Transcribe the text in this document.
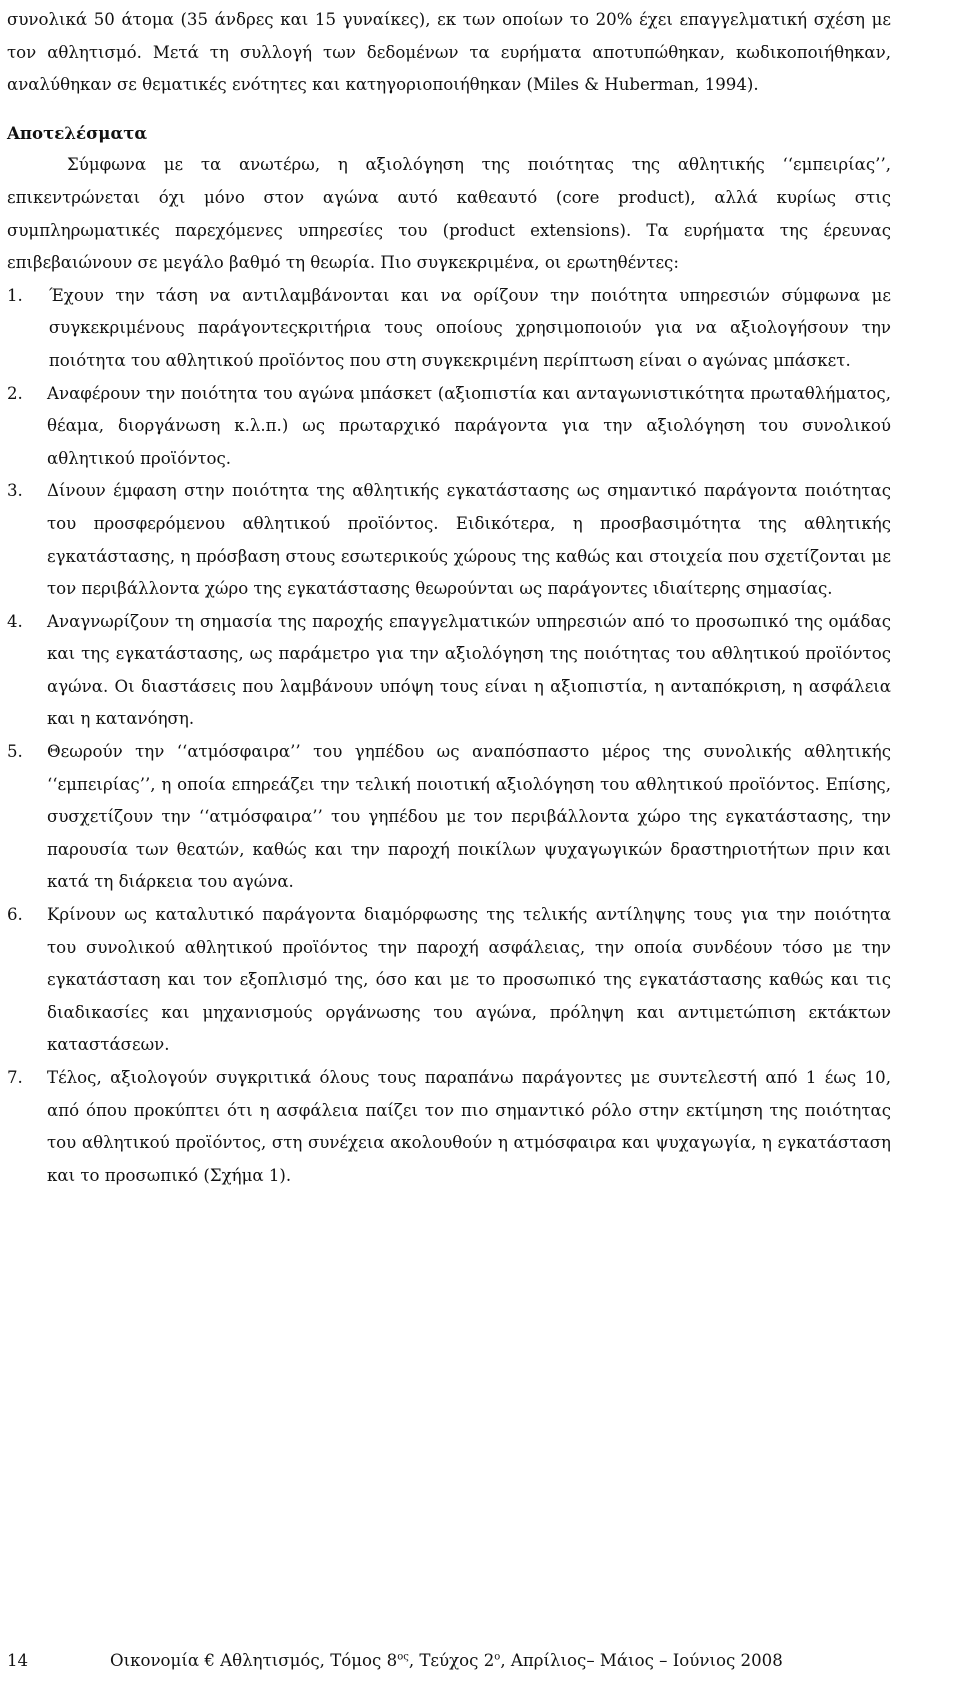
συνολικά 50 άτομα (35 άνδρες και 15 γυναίκες), εκ των οποίων το 20% έχει επαγγελματική σχέση με τον αθλητισμό. Μετά τη συλλογή των δεδομένων τα ευρήματα αποτυπώθηκαν, κωδικοποιήθηκαν, αναλύθηκαν σε θεματικές ενότητες και κατηγοριοποιήθηκαν (Miles & Huberman, 1994).

Αποτελέσματα

Σύμφωνα με τα ανωτέρω, η αξιολόγηση της ποιότητας της αθλητικής ‘‘εμπειρίας’’, επικεντρώνεται όχι μόνο στον αγώνα αυτό καθεαυτό (core product), αλλά κυρίως στις συμπληρωματικές παρεχόμενες υπηρεσίες του (product extensions). Τα ευρήματα της έρευνας επιβεβαιώνουν σε μεγάλο βαθμό τη θεωρία. Πιο συγκεκριμένα, οι ερωτηθέντες:

1.	Έχουν την τάση να αντιλαμβάνονται και να ορίζουν την ποιότητα υπηρεσιών σύμφωνα με συγκεκριμένους παράγοντεςκριτήρια τους οποίους χρησιμοποιούν για να αξιολογήσουν την ποιότητα του αθλητικού προϊόντος που στη συγκεκριμένη περίπτωση είναι ο αγώνας μπάσκετ.
2.	Αναφέρουν την ποιότητα του αγώνα μπάσκετ (αξιοπιστία και ανταγωνιστικότητα πρωταθλήματος, θέαμα, διοργάνωση κ.λ.π.) ως πρωταρχικό παράγοντα για την αξιολόγηση του συνολικού αθλητικού προϊόντος.
3.	Δίνουν έμφαση στην ποιότητα της αθλητικής εγκατάστασης ως σημαντικό παράγοντα ποιότητας του προσφερόμενου αθλητικού προϊόντος. Ειδικότερα, η προσβασιμότητα της αθλητικής εγκατάστασης, η πρόσβαση στους εσωτερικούς χώρους της καθώς και στοιχεία που σχετίζονται με τον περιβάλλοντα χώρο της εγκατάστασης θεωρούνται ως παράγοντες ιδιαίτερης σημασίας.
4.	Αναγνωρίζουν τη σημασία της παροχής επαγγελματικών υπηρεσιών από το προσωπικό της ομάδας και της εγκατάστασης, ως παράμετρο για την αξιολόγηση της ποιότητας του αθλητικού προϊόντος αγώνα. Οι διαστάσεις που λαμβάνουν υπόψη τους είναι η αξιοπιστία, η ανταπόκριση, η ασφάλεια και η κατανόηση.
5.	Θεωρούν την ‘‘ατμόσφαιρα’’ του γηπέδου ως αναπόσπαστο μέρος της συνολικής αθλητικής ‘‘εμπειρίας’’, η οποία επηρεάζει την τελική ποιοτική αξιολόγηση του αθλητικού προϊόντος. Επίσης, συσχετίζουν την ‘‘ατμόσφαιρα’’ του γηπέδου με τον περιβάλλοντα χώρο της εγκατάστασης, την παρουσία των θεατών, καθώς και την παροχή ποικίλων ψυχαγωγικών δραστηριοτήτων πριν και κατά τη διάρκεια του αγώνα.
6.	Κρίνουν ως καταλυτικό παράγοντα διαμόρφωσης της τελικής αντίληψης τους για την ποιότητα του συνολικού αθλητικού προϊόντος την παροχή ασφάλειας, την οποία συνδέουν τόσο με την εγκατάσταση και τον εξοπλισμό της, όσο και με το προσωπικό της εγκατάστασης καθώς και τις διαδικασίες και μηχανισμούς οργάνωσης του αγώνα, πρόληψη και αντιμετώπιση εκτάκτων καταστάσεων.
7.	Τέλος, αξιολογούν συγκριτικά όλους τους παραπάνω παράγοντες με συντελεστή από 1 έως 10, από όπου προκύπτει ότι η ασφάλεια παίζει τον πιο σημαντικό ρόλο στην εκτίμηση της ποιότητας του αθλητικού προϊόντος, στη συνέχεια ακολουθούν η ατμόσφαιρα και ψυχαγωγία, η εγκατάσταση και το προσωπικό (Σχήμα 1).
14	Οικονομία € Αθλητισμός, Τόμος $8^{o\varsigma}$, Τεύχος $2^o$, Απρίλιος– Μάιος – Ιούνιος 2008
